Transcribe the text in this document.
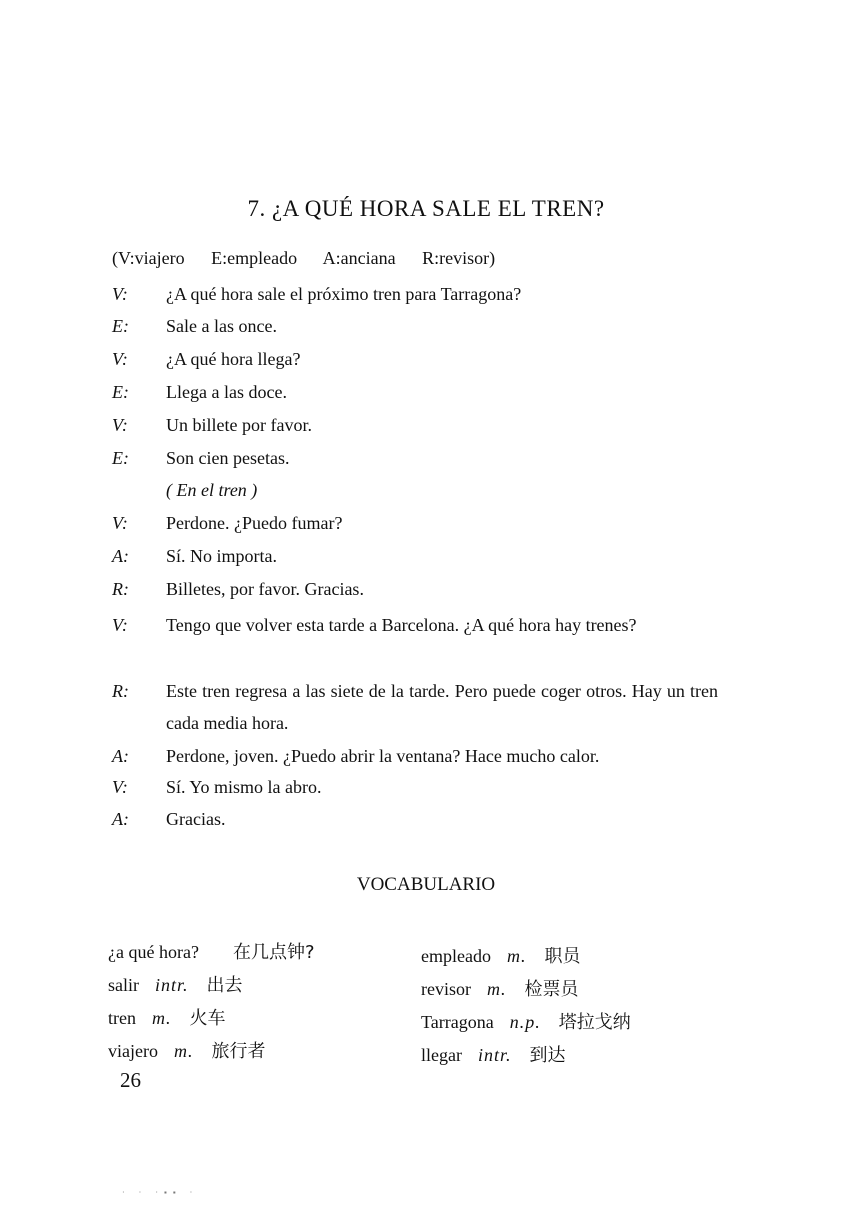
7. ¿A QUÉ HORA SALE EL TREN?
(V:viajero E:empleado A:anciana R:revisor)
V:	¿A qué hora sale el próximo tren para Tarragona?
E:	Sale a las once.
V:	¿A qué hora llega?
E:	Llega a las doce.
V:	Un billete por favor.
E:	Son cien pesetas.
( En el tren )
V:	Perdone. ¿Puedo fumar?
A:	Sí. No importa.
R:	Billetes, por favor. Gracias.
V:	Tengo que volver esta tarde a Barcelona. ¿A qué hora hay trenes?
R:	Este tren regresa a las siete de la tarde. Pero puede coger otros. Hay un tren cada media hora.
A:	Perdone, joven. ¿Puedo abrir la ventana? Hace mucho calor.
V:	Sí. Yo mismo la abro.
A:	Gracias.
VOCABULARIO
¿a qué hora? 在几点钟?
salir intr. 出去
tren m. 火车
viajero m. 旅行者
empleado m. 职员
revisor m. 检票员
Tarragona n.p. 塔拉戈纳
llegar intr. 到达
26
· · ·▪▪ ·
